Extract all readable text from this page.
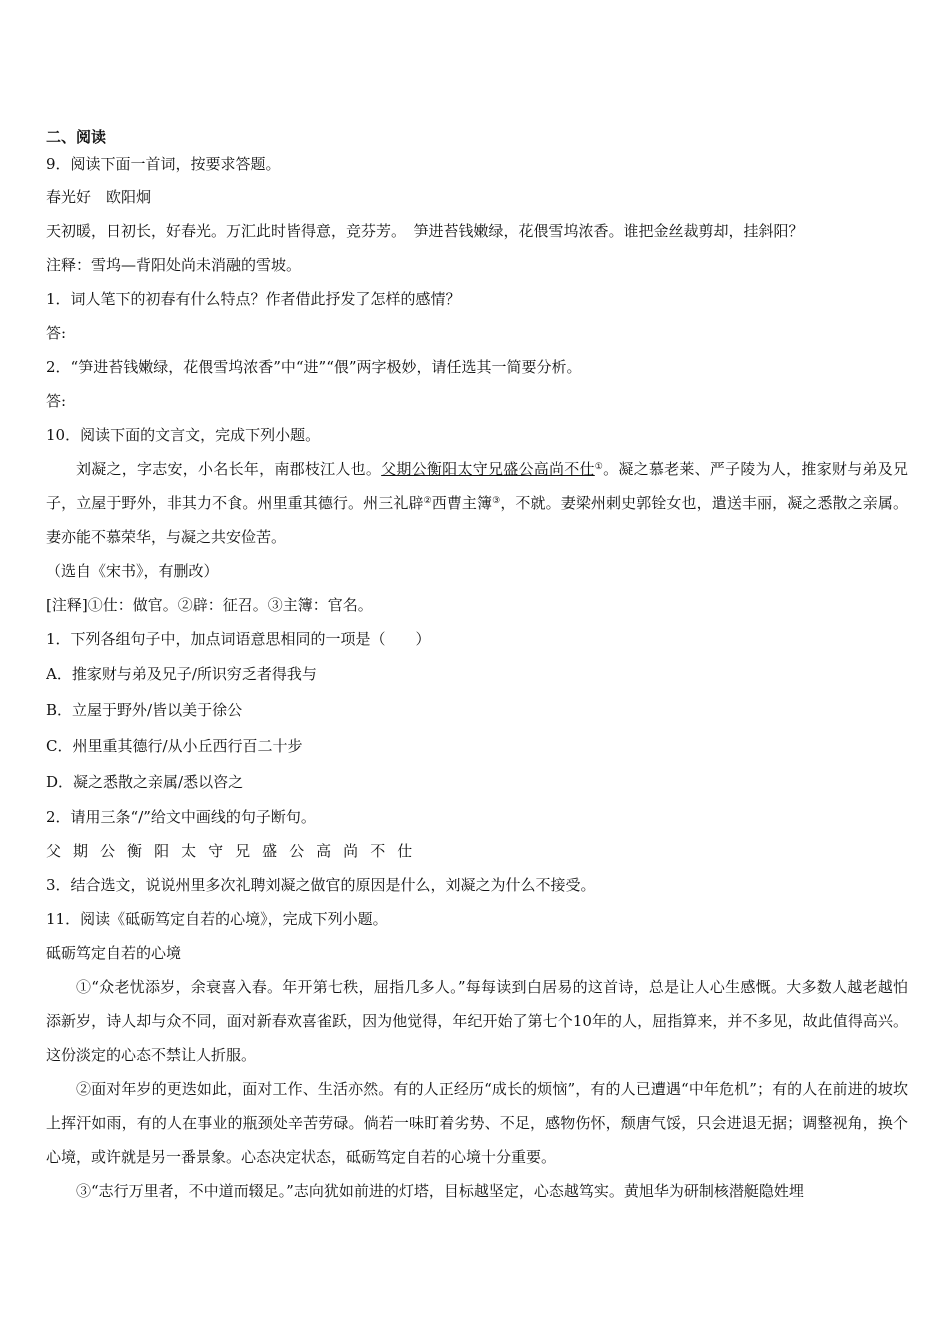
二、阅读
9．阅读下面一首词，按要求答题。
春光好　欧阳炯
天初暖，日初长，好春光。万汇此时皆得意，竞芬芳。　笋进苔钱嫩绿，花偎雪坞浓香。谁把金丝裁剪却，挂斜阳？
注释：雪坞—背阳处尚未消融的雪坡。
1．词人笔下的初春有什么特点？作者借此抒发了怎样的感情？
答:
2．“笋进苔钱嫩绿，花偎雪坞浓香”中“进”“偎”两字极妙，请任选其一简要分析。
答:
10．阅读下面的文言文，完成下列小题。

刘凝之，字志安，小名长年，南郡枝江人也。父期公衡阳太守兄盛公高尚不仕①。凝之慕老莱、严子陵为人，推家财与弟及兄子，立屋于野外，非其力不食。州里重其德行。州三礼辟②西曹主簿③，不就。妻梁州刺史郭铨女也，遣送丰丽，凝之悉散之亲属。妻亦能不慕荣华，与凝之共安俭苦。

（选自《宋书》，有删改）
[注释]①仕：做官。②辟：征召。③主簿：官名。
1．下列各组句子中，加点词语意思相同的一项是（　　）
A．推家财与弟及兄子/所识穷乏者得我与
B．立屋于野外/皆以美于徐公
C．州里重其德行/从小丘西行百二十步
D．凝之悉散之亲属/悉以咨之
2．请用三条“/”给文中画线的句子断句。
父 期 公 衡 阳 太 守 兄 盛 公 高 尚 不 仕
3．结合选文，说说州里多次礼聘刘凝之做官的原因是什么，刘凝之为什么不接受。
11．阅读《砥砺笃定自若的心境》，完成下列小题。
砥砺笃定自若的心境

①“众老忧添岁，余衰喜入春。年开第七秩，屈指几多人。”每每读到白居易的这首诗，总是让人心生感慨。大多数人越老越怕添新岁，诗人却与众不同，面对新春欢喜雀跃，因为他觉得，年纪开始了第七个10年的人，屈指算来，并不多见，故此值得高兴。这份淡定的心态不禁让人折服。

②面对年岁的更迭如此，面对工作、生活亦然。有的人正经历“成长的烦恼”，有的人已遭遇“中年危机”；有的人在前进的坡坎上挥汗如雨，有的人在事业的瓶颈处辛苦劳碌。倘若一味盯着劣势、不足，感物伤怀，颓唐气馁，只会进退无据；调整视角，换个心境，或许就是另一番景象。心态决定状态，砥砺笃定自若的心境十分重要。

③“志行万里者，不中道而辍足。”志向犹如前进的灯塔，目标越坚定，心态越笃实。黄旭华为研制核潜艇隐姓埋
